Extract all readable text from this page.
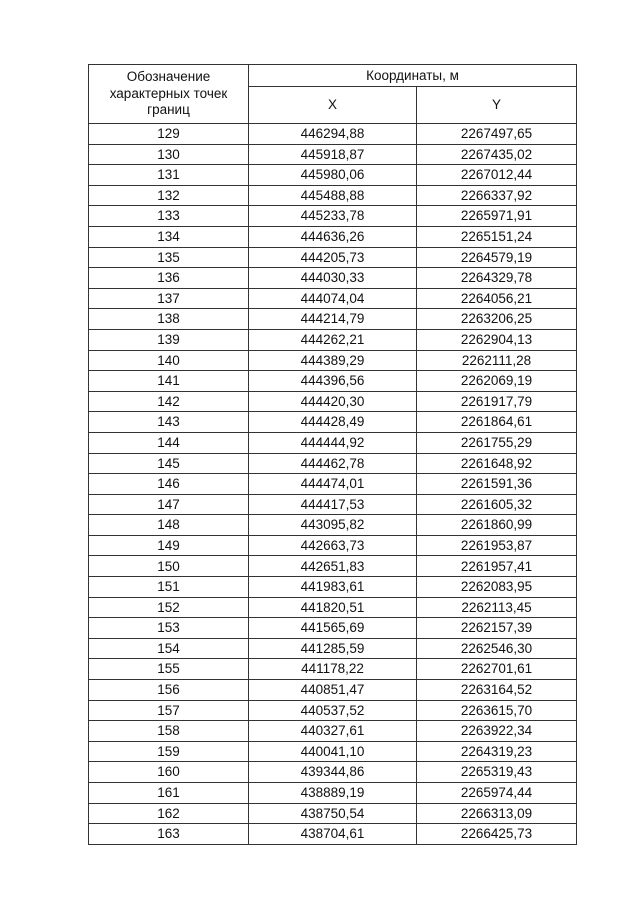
Обозначение характерных точек границ	Координаты, м	
	X	Y
129	446294,88	2267497,65
130	445918,87	2267435,02
131	445980,06	2267012,44
132	445488,88	2266337,92
133	445233,78	2265971,91
134	444636,26	2265151,24
135	444205,73	2264579,19
136	444030,33	2264329,78
137	444074,04	2264056,21
138	444214,79	2263206,25
139	444262,21	2262904,13
140	444389,29	2262111,28
141	444396,56	2262069,19
142	444420,30	2261917,79
143	444428,49	2261864,61
144	444444,92	2261755,29
145	444462,78	2261648,92
146	444474,01	2261591,36
147	444417,53	2261605,32
148	443095,82	2261860,99
149	442663,73	2261953,87
150	442651,83	2261957,41
151	441983,61	2262083,95
152	441820,51	2262113,45
153	441565,69	2262157,39
154	441285,59	2262546,30
155	441178,22	2262701,61
156	440851,47	2263164,52
157	440537,52	2263615,70
158	440327,61	2263922,34
159	440041,10	2264319,23
160	439344,86	2265319,43
161	438889,19	2265974,44
162	438750,54	2266313,09
163	438704,61	2266425,73
